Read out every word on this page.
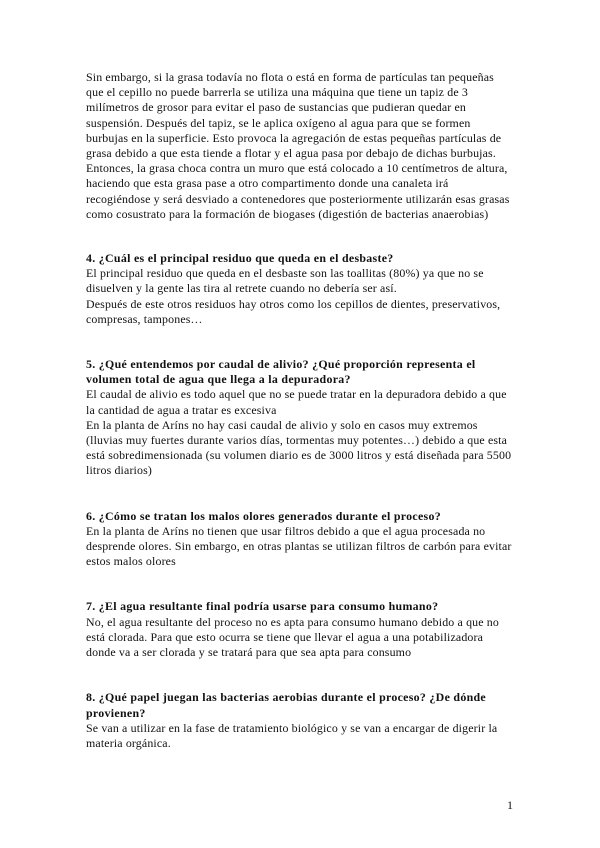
Sin embargo, si la grasa todavía no flota o está en forma de partículas tan pequeñas que el cepillo no puede barrerla se utiliza una máquina que tiene un tapiz de 3 milímetros de grosor para evitar el paso de sustancias que pudieran quedar en suspensión. Después del tapiz, se le aplica oxígeno al agua para que se formen burbujas en la superficie. Esto provoca la agregación de estas pequeñas partículas de grasa debido a que esta tiende a flotar y el agua pasa por debajo de dichas burbujas.

Entonces, la grasa choca contra un muro que está colocado a 10 centímetros de altura, haciendo que esta grasa pase a otro compartimento donde una canaleta irá recogiéndose y será desviado a contenedores que posteriormente utilizarán esas grasas como cosustrato para la formación de biogases (digestión de bacterias anaerobias)

4. ¿Cuál es el principal residuo que queda en el desbaste?

El principal residuo que queda en el desbaste son las toallitas (80%) ya que no se disuelven y la gente las tira al retrete cuando no debería ser así.

Después de este otros residuos hay otros como los cepillos de dientes, preservativos, compresas, tampones…

5. ¿Qué entendemos por caudal de alivio? ¿Qué proporción representa el volumen total de agua que llega a la depuradora?

El caudal de alivio es todo aquel que no se puede tratar en la depuradora debido a que la cantidad de agua a tratar es excesiva

En la planta de Aríns no hay casi caudal de alivio y solo en casos muy extremos (lluvias muy fuertes durante varios días, tormentas muy potentes…) debido a que esta está sobredimensionada (su volumen diario es de 3000 litros y está diseñada para 5500 litros diarios)

6. ¿Cómo se tratan los malos olores generados durante el proceso?

En la planta de Aríns no tienen que usar filtros debido a que el agua procesada no desprende olores. Sin embargo, en otras plantas se utilizan filtros de carbón para evitar estos malos olores

7. ¿El agua resultante final podría usarse para consumo humano?

No, el agua resultante del proceso no es apta para consumo humano debido a que no está clorada. Para que esto ocurra se tiene que llevar el agua a una potabilizadora donde va a ser clorada y se tratará para que sea apta para consumo

8. ¿Qué papel juegan las bacterias aerobias durante el proceso? ¿De dónde provienen?

Se van a utilizar en la fase de tratamiento biológico y se van a encargar de digerir la materia orgánica.

1
